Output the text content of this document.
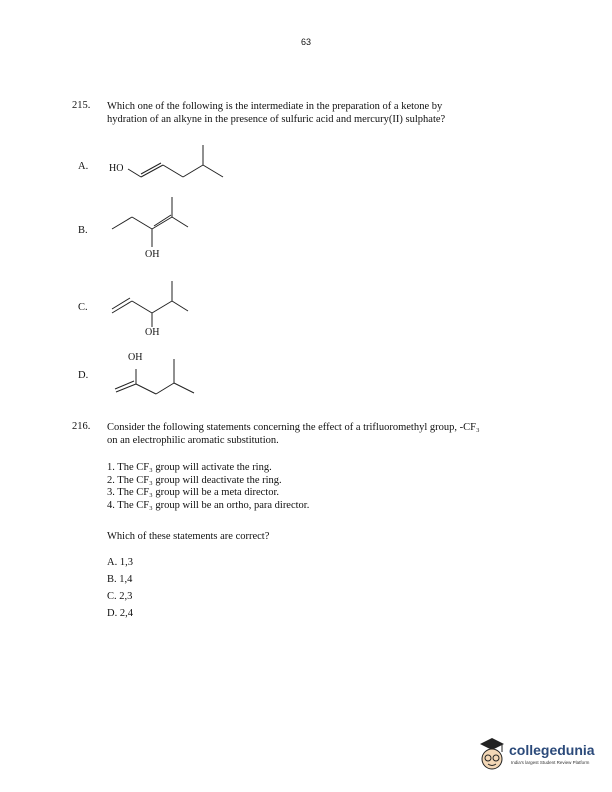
63
215. Which one of the following is the intermediate in the preparation of a ketone by
hydration of an alkyne in the presence of sulfuric acid and mercury(II) sulphate?
A. HO
B.
OH
C.
OH
OH
D.
216. Consider the following statements concerning the effect of a trifluoromethyl group, -CF₃
on an electrophilic aromatic substitution.
1. The CF₃ group will activate the ring.
2. The CF₃ group will deactivate the ring.
3. The CF₃ group will be a meta director.
4. The CF₃ group will be an ortho, para director.
Which of these statements are correct?
A. 1,3
B. 1,4
C. 2,3
D. 2,4
collegedunia
India's largest Student Review Platform
